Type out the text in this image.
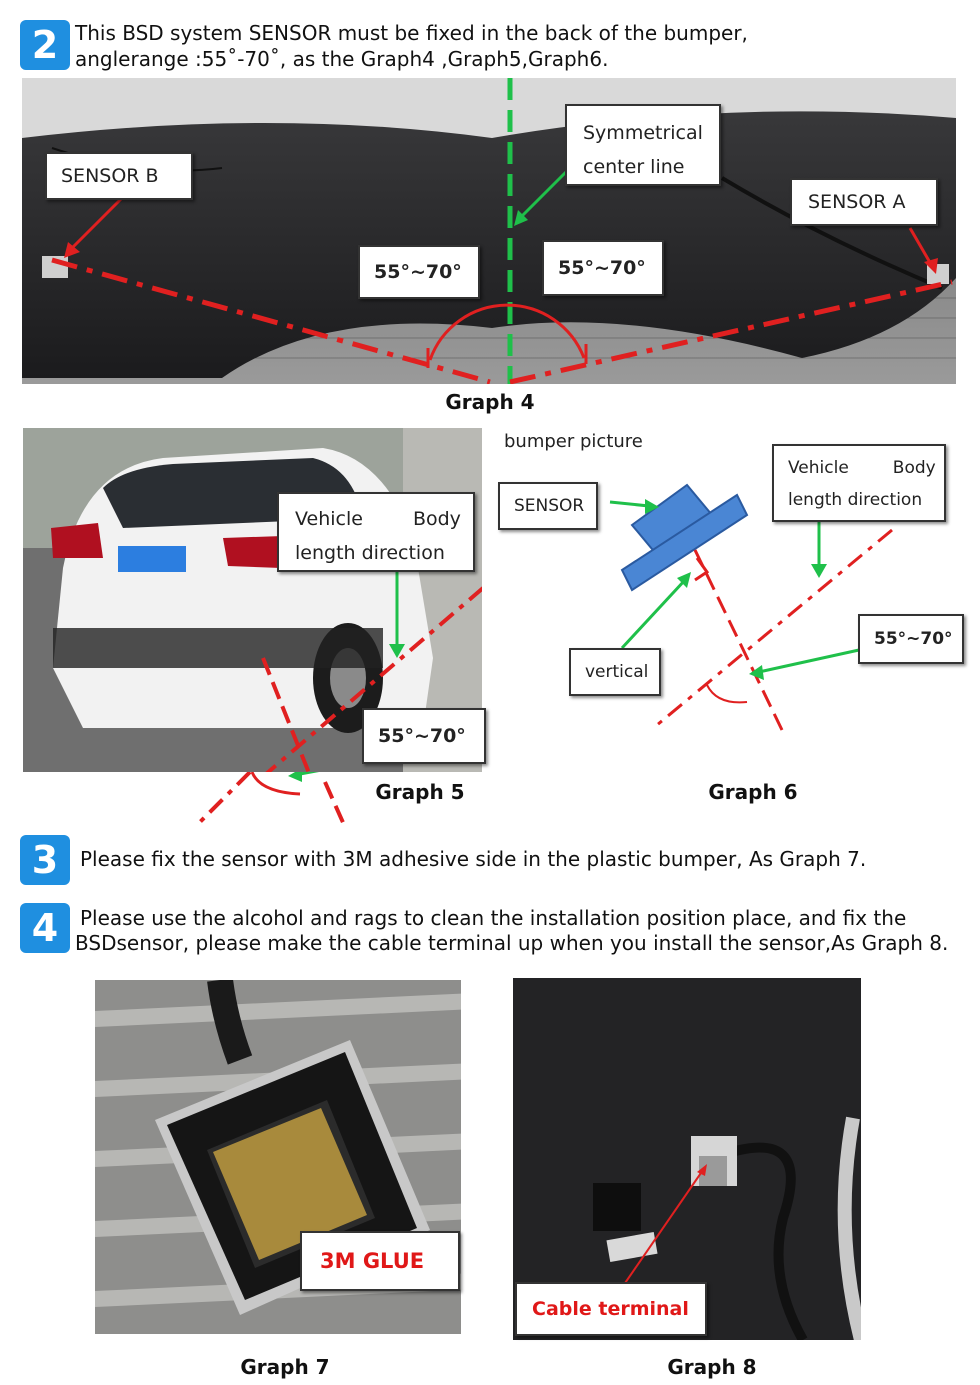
2 This BSD system SENSOR must be fixed in the back of the bumper,
anglerange :55˚-70˚, as the Graph4 ,Graph5,Graph6.
SENSOR B
Symmetrical
center line
SENSOR A
55°~70°	55°~70°
Graph 4
Vehicle	Body
length direction
55°~70°
Graph 5
bumper picture
SENSOR
Vehicle	Body
length direction
55°~70°
vertical
Graph 6
3	Please fix the sensor with 3M adhesive side in the plastic bumper, As Graph 7.
4	Please use the alcohol and rags to clean the installation position place, and fix the
BSDsensor, please make the cable terminal up when you install the sensor,As Graph 8.
3M GLUE
Graph 7
Cable terminal
Graph 8
